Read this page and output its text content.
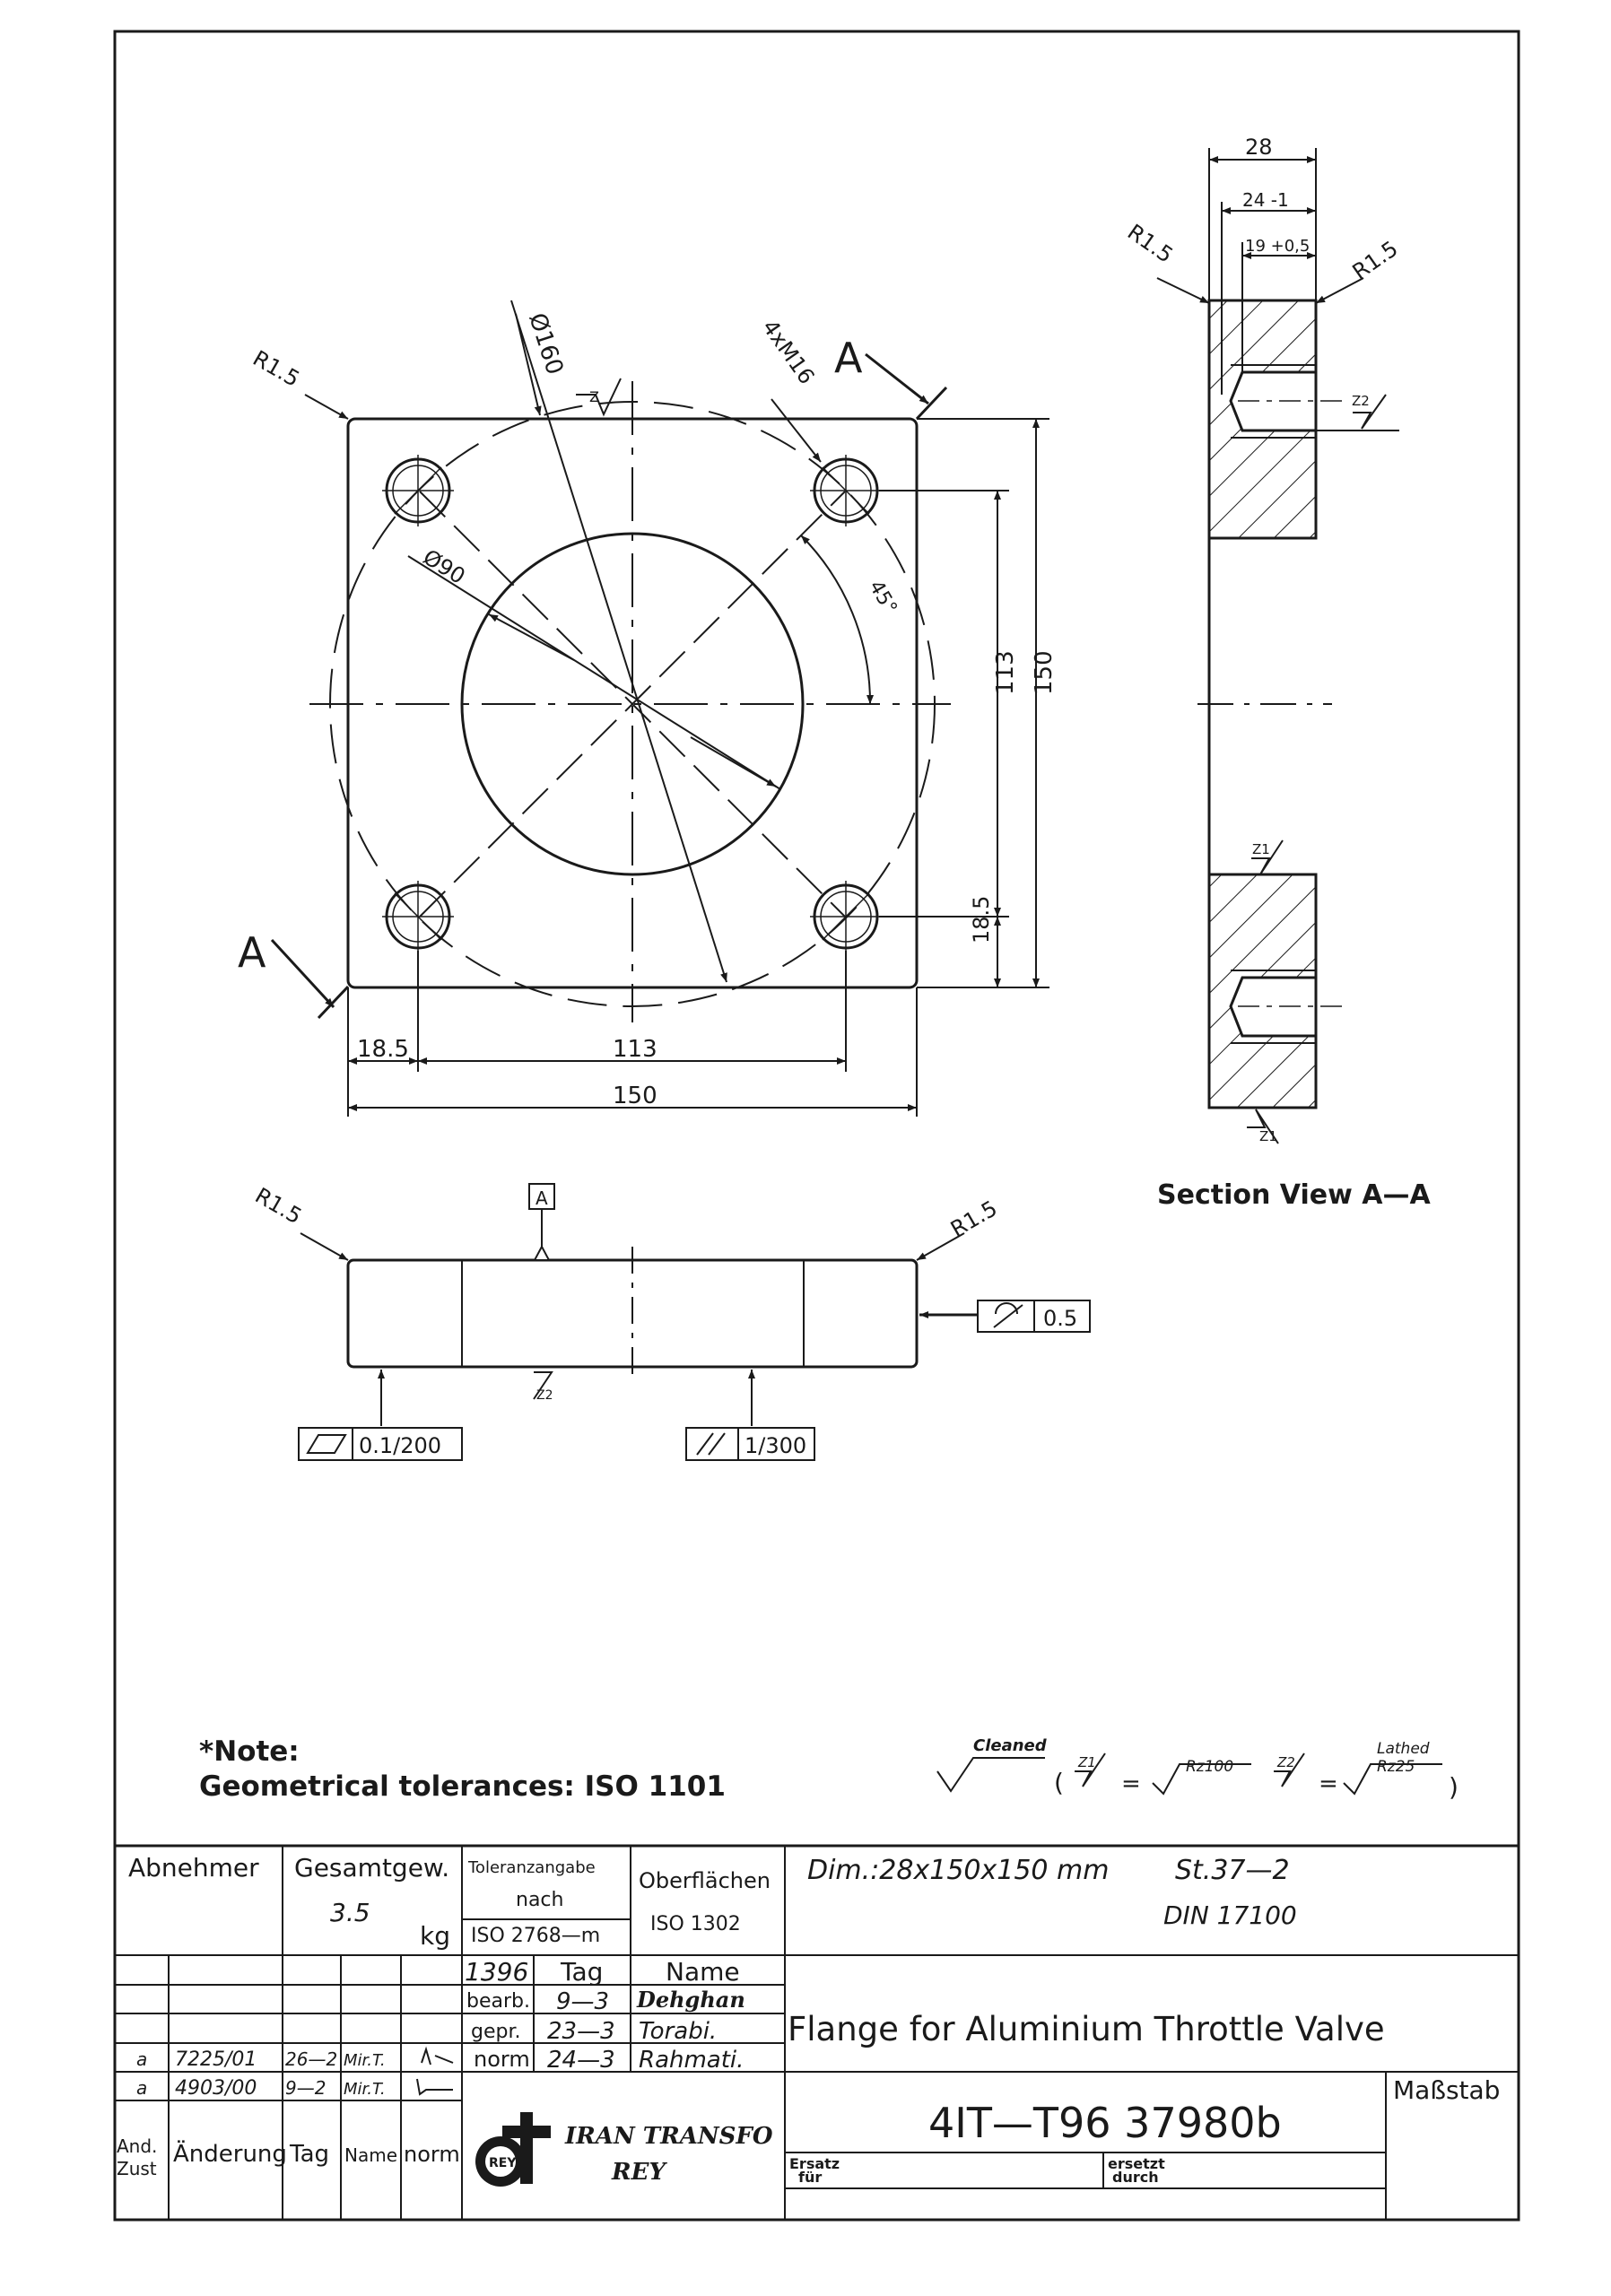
R1.5	Ø160
Z
4xM16 A
A
Ø90
45°
113 150
18.5
18.5	113
150
28
24 -1
19 +0,5
R1.5	R1.5
Z2
Z1
Z1
Section View A—A
A
R1.5	R1.5
Z2
0.5
0.1/200	1/300
*Note:
Geometrical tolerances: ISO 1101
Cleaned
(
Z1
=
Rz100	Z2
=
Lathed
Rz25
)
Abnehmer Gesamtgew.
3.5
kg
Toleranzangabe
nach
ISO 2768—m
Oberflächen
ISO 1302
Dim.:28x150x150 mm St.37—2
DIN 17100
1396 Tag Name
bearb. 9—3 Dehghan
gepr. 23—3 Torabi.
norm 24—3 Rahmati.
Flange for Aluminium Throttle Valve
4IT—T96 37980b
Maßstab
Ersatz
für
ersetzt
durch
a 7225/01 26—2 Mir.T.
a 4903/00 9—2 Mir.T.
And.
Zust
Änderung Tag Name norm REY
IRAN TRANSFO
REY
